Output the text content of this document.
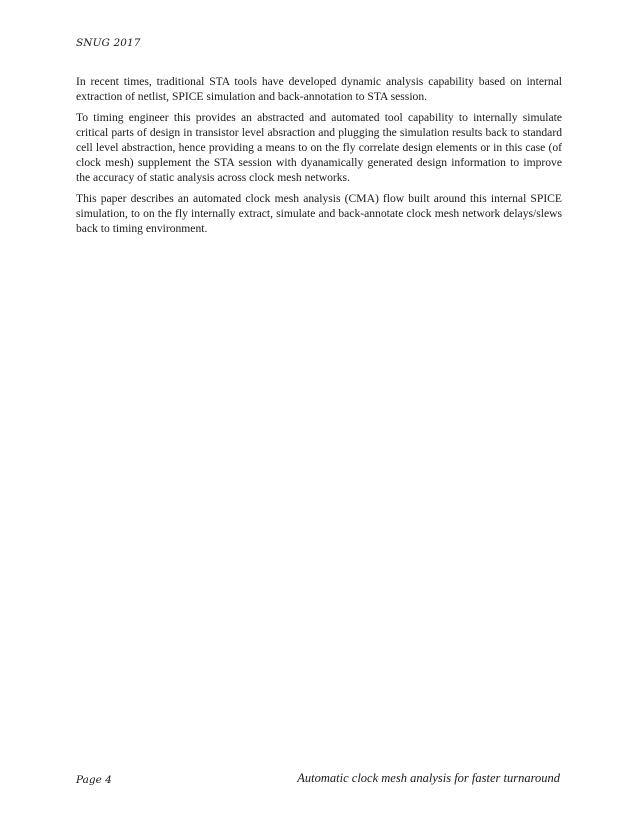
SNUG 2017

In recent times, traditional STA tools have developed dynamic analysis capability based on internal extraction of netlist, SPICE simulation and back-annotation to STA session.

To timing engineer this provides an abstracted and automated tool capability to internally simulate critical parts of design in transistor level absraction and plugging the simulation results back to standard cell level abstraction, hence providing a means to on the fly correlate design elements or in this case (of clock mesh) supplement the STA session with dyanamically generated design information to improve the accuracy of static analysis across clock mesh networks.

This paper describes an automated clock mesh analysis (CMA) flow built around this internal SPICE simulation, to on the fly internally extract, simulate and back-annotate clock mesh network delays/slews back to timing environment.

Page 4	Automatic clock mesh analysis for faster turnaround
